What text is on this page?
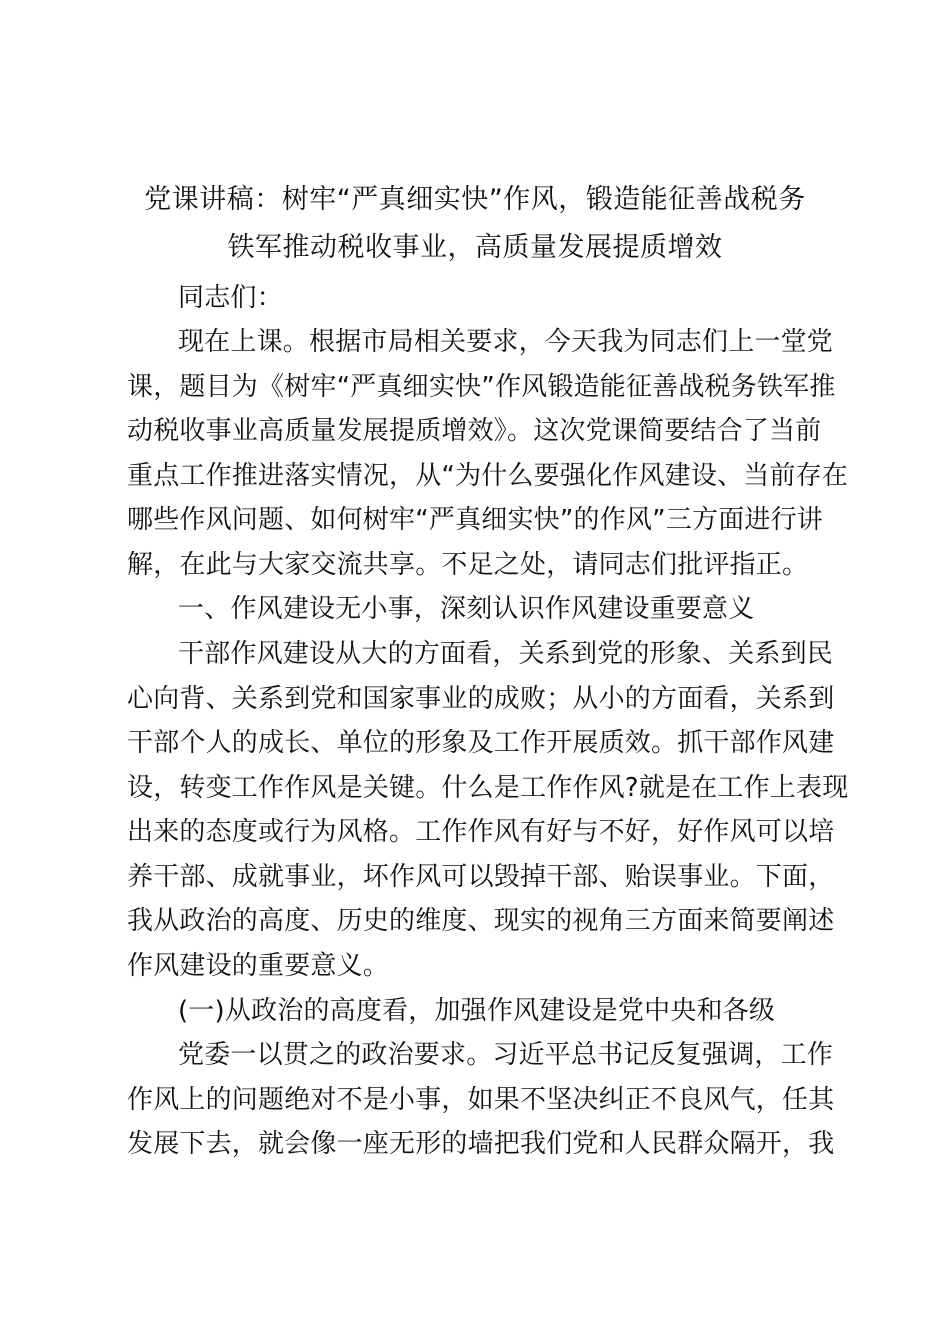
党课讲稿：树牢“严真细实快”作风，锻造能征善战税务
铁军推动税收事业，高质量发展提质增效
同志们：
现在上课。根据市局相关要求，今天我为同志们上一堂党
课，题目为《树牢“严真细实快”作风锻造能征善战税务铁军推
动税收事业高质量发展提质增效》。这次党课简要结合了当前
重点工作推进落实情况，从“为什么要强化作风建设、当前存在
哪些作风问题、如何树牢“严真细实快”的作风”三方面进行讲
解，在此与大家交流共享。不足之处，请同志们批评指正。
一、作风建设无小事，深刻认识作风建设重要意义
干部作风建设从大的方面看，关系到党的形象、关系到民
心向背、关系到党和国家事业的成败；从小的方面看，关系到
干部个人的成长、单位的形象及工作开展质效。抓干部作风建
设，转变工作作风是关键。什么是工作作风?就是在工作上表现
出来的态度或行为风格。工作作风有好与不好，好作风可以培
养干部、成就事业，坏作风可以毁掉干部、贻误事业。下面，
我从政治的高度、历史的维度、现实的视角三方面来简要阐述
作风建设的重要意义。
(一)从政治的高度看，加强作风建设是党中央和各级
党委一以贯之的政治要求。习近平总书记反复强调，工作
作风上的问题绝对不是小事，如果不坚决纠正不良风气，任其
发展下去，就会像一座无形的墙把我们党和人民群众隔开，我
